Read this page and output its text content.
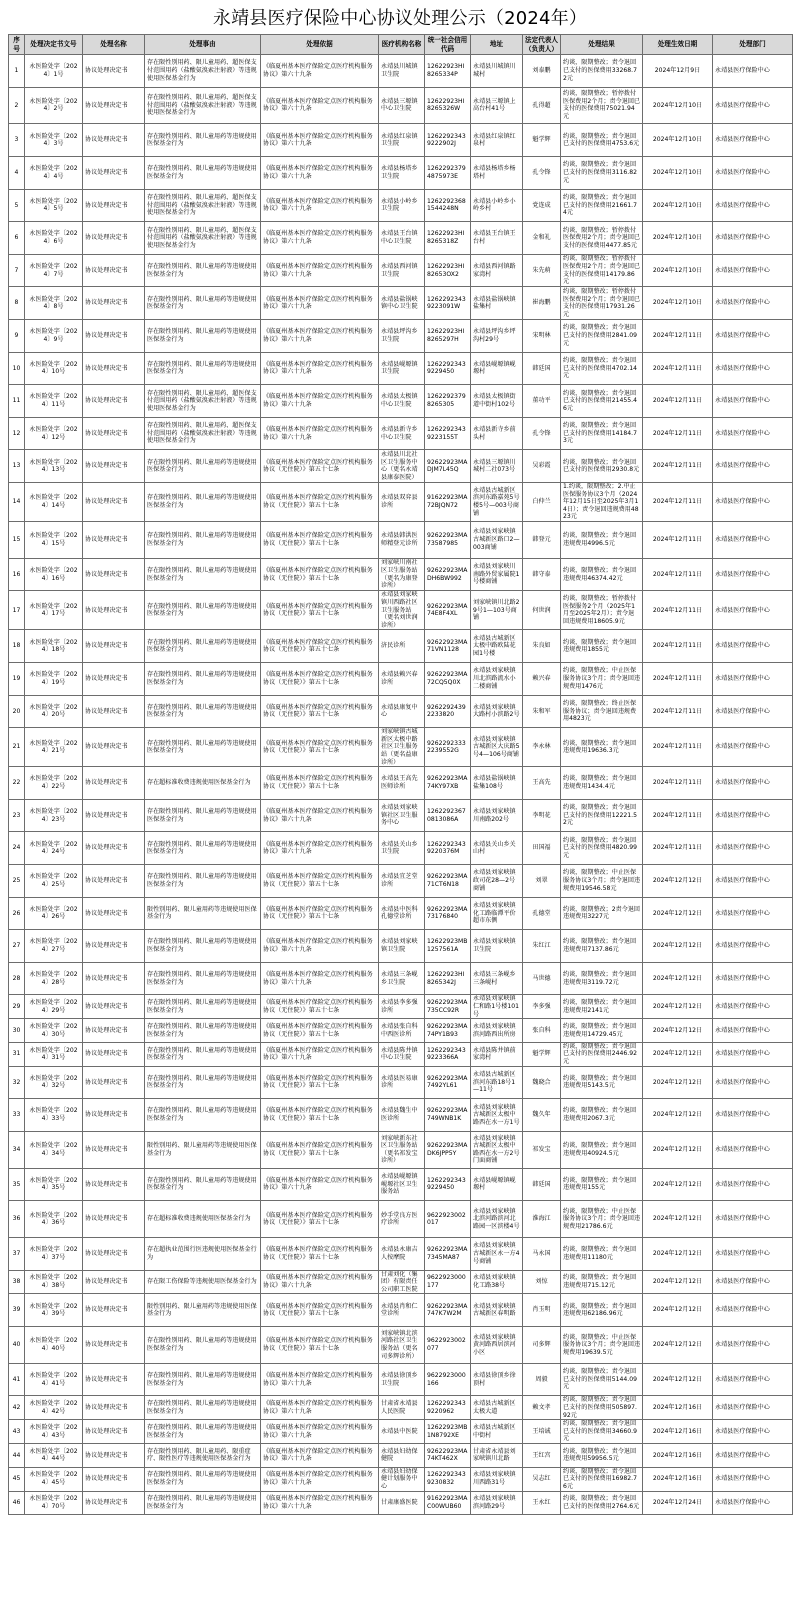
永靖县医疗保险中心协议处理公示（2024年）
序号	处理决定书文号	处理名称	处理事由	处理依据	医疗机构名称	统一社会信用代码	地址	法定代表人（负责人）	处理结果	处理生效日期	处理部门
1	永医险处字〔2024〕1号	协议处理决定书	存在限性别用药、限儿童用药、超医保支付范围用药（盐酸氨溴索注射液）等违规使用医保基金行为	《临夏州基本医疗保险定点医疗机构服务协议》第六十九条	永靖县川城镇卫生院	12622923HI8265334P	永靖县川城镇川城村	刘泰鹏	约谈，限期整改；责令退回已支付的医保费用33268.72元	2024年12月9日	永靖县医疗保险中心
2	永医险处字〔2024〕2号	协议处理决定书	存在限性别用药、限儿童用药、超医保支付范围用药（盐酸氨溴索注射液）等违规使用医保基金行为	《临夏州基本医疗保险定点医疗机构服务协议》第六十九条	永靖县三塬镇中心卫生院	12622923HI8265326W	永靖县三塬镇上高台村41号	孔得超	约谈，限期整改；暂停拨付医保费用2个月；责令退回已支付的医保费用75021.94元	2024年12月10日	永靖县医疗保险中心
3	永医险处字〔2024〕3号	协议处理决定书	存在限性别用药、限儿童用药等违规使用医保基金行为	《临夏州基本医疗保险定点医疗机构服务协议》第六十九条	永靖县红泉镇卫生院	12622923439222902J	永靖县红泉镇红泉村	魁学辉	约谈，限期整改；责令退回已支付的医保费用4753.6元	2024年12月10日	永靖县医疗保险中心
4	永医险处字〔2024〕4号	协议处理决定书	存在限性别用药、限儿童用药等违规使用医保基金行为	《临夏州基本医疗保险定点医疗机构服务协议》第六十九条	永靖县杨塔乡卫生院	12622923794875973E	永靖县杨塔乡杨塔村	孔令锋	约谈，限期整改；责令退回已支付的医保费用3116.82元	2024年12月10日	永靖县医疗保险中心
5	永医险处字〔2024〕5号	协议处理决定书	存在限性别用药、限儿童用药、超医保支付范围用药（盐酸氨溴索注射液）等违规使用医保基金行为	《临夏州基本医疗保险定点医疗机构服务协议》第六十九条	永靖县小岭乡卫生院	12622923681544248N	永靖县小岭乡小岭乡村	党连成	约谈，限期整改；责令退回已支付的医保费用21661.74元	2024年12月10日	永靖县医疗保险中心
6	永医险处字〔2024〕6号	协议处理决定书	存在限性别用药、限儿童用药、超医保支付范围用药（盐酸氨溴索注射液）等违规使用医保基金行为	《临夏州基本医疗保险定点医疗机构服务协议》第六十九条	永靖县王台镇中心卫生院	12622923HI8265318Z	永靖县王台镇王台村	金和礼	约谈，限期整改；暂停拨付医保费用2个月；责令退回已支付的医保费用4477.85元	2024年12月10日	永靖县医疗保险中心
7	永医险处字〔2024〕7号	协议处理决定书	存在限性别用药、限儿童用药等违规使用医保基金行为	《临夏州基本医疗保险定点医疗机构服务协议》第六十九条	永靖县西河镇卫生院	12622923HI82653OX2	永靖县西河镇路家湾村	朱先萌	约谈，限期整改；暂停拨付医保费用2个月；责令退回已支付的医保费用14179.86元	2024年12月10日	永靖县医疗保险中心
8	永医险处字〔2024〕8号	协议处理决定书	存在限性别用药、限儿童用药等违规使用医保基金行为	《临夏州基本医疗保险定点医疗机构服务协议》第六十九条	永靖县盐锅峡镇中心卫生院	12622923439223091W	永靖县盐锅峡镇盐集村	崔海鹏	约谈，限期整改；暂停拨付医保费用2个月；责令退回已支付的医保费用17931.26元	2024年12月10日	永靖县医疗保险中心
9	永医险处字〔2024〕9号	协议处理决定书	存在限性别用药、限儿童用药等违规使用医保基金行为	《临夏州基本医疗保险定点医疗机构服务协议》第六十九条	永靖县坪沟乡卫生院	12622923HI8265297H	永靖县坪沟乡坪沟村29号	宋明林	约谈，限期整改；责令退回已支付的医保费用2841.09元	2024年12月11日	永靖县医疗保险中心
10	永医险处字〔2024〕10号	协议处理决定书	存在限性别用药、限儿童用药等违规使用医保基金行为	《临夏州基本医疗保险定点医疗机构服务协议》第六十九条	永靖县岘塬镇卫生院	12622923439229450	永靖县岘塬镇岘塬村	韩廷国	约谈，限期整改；责令退回已支付的医保费用4702.14元	2024年12月11日	永靖县医疗保险中心
11	永医险处字〔2024〕11号	协议处理决定书	存在限性别用药、限儿童用药、超医保支付范围用药（盐酸氨溴索注射液）等违规使用医保基金行为	《临夏州基本医疗保险定点医疗机构服务协议》第六十九条	永靖县太极镇中心卫生院	12622923798265305	永靖县太极镇街道中街村102号	董功平	约谈，限期整改；责令退回已支付的医保费用21455.46元	2024年12月11日	永靖县医疗保险中心
12	永医险处字〔2024〕12号	协议处理决定书	存在限性别用药、限儿童用药、超医保支付范围用药（盐酸氨溴索注射液）等违规使用医保基金行为	《临夏州基本医疗保险定点医疗机构服务协议》第六十九条	永靖县新寺乡中心卫生院	12622923439223155T	永靖县新寺乡前头村	孔令锋	约谈，限期整改；责令退回已支付的医保费用14184.73元	2024年12月11日	永靖县医疗保险中心
13	永医险处字〔2024〕13号	协议处理决定书	存在限性别用药、限儿童用药等违规使用医保基金行为	《临夏州基本医疗保险定点医疗机构服务协议（无住院）》第五十七条	永靖县川北社区卫生服务中心（更名永靖县康泰医院）	92622923MADJM7L45Q	永靖县三塬镇川城村二社073号	吴彩霞	约谈，限期整改；责令退回已支付的医保费用2930.8元	2024年12月11日	永靖县医疗保险中心
14	永医险处字〔2024〕14号	协议处理决定书	存在限性别用药、限儿童用药等违规使用医保基金行为	《临夏州基本医疗保险定点医疗机构服务协议（无住院）》第五十七条	永靖县双弈县诊所	91622923MA72BJQN72	永靖县古城新区滨河东路嘉苑5号楼5号—003号商铺	白仲兰	1.约谈，限期整改；2.中止医保服务协议3个月（2024年12月15日至2025年3月14日）；责令退回违规费用4823元	2024年12月11日	永靖县医疗保险中心
15	永医险处字〔2024〕15号	协议处理决定书	存在限性别用药、限儿童用药等违规使用医保基金行为	《临夏州基本医疗保险定点医疗机构服务协议（无住院）》第五十七条	永靖县韩洪医师精登元诊所	92622923MA73587985	永靖县刘家峡镇古城新区路口2—003商铺	韩登元	约谈，限期整改；责令退回违规费用4996.5元	2024年12月11日	永靖县医疗保险中心
16	永医险处字〔2024〕16号	协议处理决定书	存在限性别用药、限儿童用药等违规使用医保基金行为	《临夏州基本医疗保险定点医疗机构服务协议（无住院）》第五十七条	刘家峡川南社区卫生服务站（更名为康登诊所）	92622923MADH6BW992	永靖县刘家峡川南路外贸家属院1号楼商铺	韩守泰	约谈，限期整改；责令退回违规费用46374.42元	2024年12月11日	永靖县医疗保险中心
17	永医险处字〔2024〕17号	协议处理决定书	存在限性别用药、限儿童用药等违规使用医保基金行为	《临夏州基本医疗保险定点医疗机构服务协议（无住院）》第五十七条	永靖县刘家峡镇川西路社区卫生服务站（更名刘世润诊所）	92622923MA74E8F4XL	刘家峡镇川北路29号1—103号商铺	何世润	约谈，限期整改；暂停拨付医保服务2个月（2025年1月至2025年2月）；责令退回违规费用18605.9元	2024年12月11日	永靖县医疗保险中心
18	永医险处字〔2024〕18号	协议处理决定书	存在限性别用药、限儿童用药等违规使用医保基金行为	《临夏州基本医疗保险定点医疗机构服务协议（无住院）》第五十七条	济民诊所	92622923MA71VN1128	永靖县古城新区太极中路欧陆花园1号楼	朱良如	约谈，限期整改；责令退回违规费用1855元	2024年12月11日	永靖县医疗保险中心
19	永医险处字〔2024〕19号	协议处理决定书	存在限性别用药、限儿童用药等违规使用医保基金行为	《临夏州基本医疗保险定点医疗机构服务协议（无住院）》第五十七条	永靖县赖兴春诊所	92622923MA72CQ5Q0X	永靖县刘家峡镇川北滨路流水小二楼商铺	赖兴春	约谈，限期整改；中止医保服务协议3个月；责令退回违规费用1476元	2024年12月11日	永靖县医疗保险中心
20	永医险处字〔2024〕20号	协议处理决定书	存在限性别用药、限儿童用药等违规使用医保基金行为	《临夏州基本医疗保险定点医疗机构服务协议（无住院）》第五十七条	永靖县康复中心	92622924392233820	永靖县刘家峡镇大路村小滨路2号	朱和军	约谈，限期整改；终止医保服务协议；责令退回违规费用4823元	2024年12月11日	永靖县医疗保险中心
21	永医险处字〔2024〕21号	协议处理决定书	存在限性别用药、限儿童用药等违规使用医保基金行为	《临夏州基本医疗保险定点医疗机构服务协议（无住院）》第五十七条	刘家峡镇古城新区太极中路社区卫生服务站（更名益康诊所）	92622923332239552G	永靖县刘家峡镇古城新区大庆路5号4—106号商铺	李永林	约谈，限期整改；责令退回违规费用19636.3元	2024年12月11日	永靖县医疗保险中心
22	永医险处字〔2024〕22号	协议处理决定书	存在超标准收费违规使用医保基金行为	《临夏州基本医疗保险定点医疗机构服务协议（无住院）》第五十七条	永靖县王高先医师诊所	92622923MA74KY97XB	永靖县盐锅峡镇盐集108号	王高先	约谈，限期整改；责令退回违规费用1434.4元	2024年12月11日	永靖县医疗保险中心
23	永医险处字〔2024〕23号	协议处理决定书	存在限性别用药、限儿童用药等违规使用医保基金行为	《临夏州基本医疗保险定点医疗机构服务协议》第六十九条	永靖县刘家峡镇社区卫生服务中心	12622923670813086A	永靖县刘家峡镇川南路202号	李明花	约谈，限期整改；责令退回已支付的医保费用12221.52元	2024年12月11日	永靖县医疗保险中心
24	永医险处字〔2024〕24号	协议处理决定书	存在限性别用药、限儿童用药等违规使用医保基金行为	《临夏州基本医疗保险定点医疗机构服务协议》第六十九条	永靖县关山乡卫生院	12622923439220376M	永靖县关山乡关山村	田国福	约谈，限期整改；责令退回已支付的医保费用4820.99元	2024年12月11日	永靖县医疗保险中心
25	永医险处字〔2024〕25号	协议处理决定书	存在限性别用药、限儿童用药等违规使用医保基金行为	《临夏州基本医疗保险定点医疗机构服务协议（无住院）》第五十七条	永靖县宜芝堂诊所	92622923MA71CT6N18	永靖县刘家峡镇政司花28—2号商铺	刘翠	约谈，限期整改；中止医保服务协议3个月；责令退回违规费用19546.58元	2024年12月12日	永靖县医疗保险中心
26	永医险处字〔2024〕26号	协议处理决定书	限性别用药、限儿童用药等违规使用医保基金行为	《临夏州基本医疗保险定点医疗机构服务协议（无住院）》第五十七条	永靖县中医科孔德堂诊所	92622923MA73176840	永靖县刘家峡镇化工路临潭平价超市东侧	孔德堂	约谈，限期整改；2责令退回违规费用3227元	2024年12月12日	永靖县医疗保险中心
27	永医险处字〔2024〕27号	协议处理决定书	存在限性别用药、限儿童用药等违规使用医保基金行为	《临夏州基本医疗保险定点医疗机构服务协议》第六十九条	永靖县刘家峡镇卫生院	12622923MB1257561A	永靖县刘家峡镇卫生院	朱红江	约谈，限期整改；责令退回违规费用7137.86元	2024年12月12日	永靖县医疗保险中心
28	永医险处字〔2024〕28号	协议处理决定书	存在限性别用药、限儿童用药等违规使用医保基金行为	《临夏州基本医疗保险定点医疗机构服务协议》第六十九条	永靖县三条岘乡卫生院	12622923HI8265342J	永靖县三条岘乡三条岘村	马世德	约谈，限期整改；责令退回违规费用3119.72元	2024年12月12日	永靖县医疗保险中心
29	永医险处字〔2024〕29号	协议处理决定书	存在限性别用药、限儿童用药等违规使用医保基金行为	《临夏州基本医疗保险定点医疗机构服务协议（无住院）》第五十七条	永靖县李多强诊所	92622923MA735CC92R	永靖县刘家峡镇仁和路1号楼101号	李多强	约谈，限期整改；责令退回违规费用2141元	2024年12月12日	永靖县医疗保险中心
30	永医险处字〔2024〕30号	协议处理决定书	存在限性别用药、限儿童用药等违规使用医保基金行为	《临夏州基本医疗保险定点医疗机构服务协议（无住院）》第五十七条	永靖县张自科中西医诊所	92622923MA74PY1B93	永靖县刘家峡镇滨河路西出所房	张自科	约谈，限期整改；责令退回违规费用14729.45元	2024年12月12日	永靖县医疗保险中心
31	永医险处字〔2024〕31号	协议处理决定书	存在限性别用药、限儿童用药等违规使用医保基金行为	《临夏州基本医疗保险定点医疗机构服务协议》第六十九条	永靖县陈井镇中心卫生院	12622923439223366A	永靖县陈井镇前家湾村	魁学辉	约谈，限期整改；责令退回已支付的医保费用2446.92元	2024年12月12日	永靖县医疗保险中心
32	永医险处字〔2024〕32号	协议处理决定书	存在限性别用药、限儿童用药等违规使用医保基金行为	《临夏州基本医疗保险定点医疗机构服务协议（无住院）》第五十七条	永靖县医易康诊所	92622923MA7492YL61	永靖县古城新区滨河东路18号1—11号	魏晓合	约谈，限期整改；责令退回违规费用5143.5元	2024年12月12日	永靖县医疗保险中心
33	永医险处字〔2024〕33号	协议处理决定书	存在限性别用药、限儿童用药等违规使用医保基金行为	《临夏州基本医疗保险定点医疗机构服务协议（无住院）》第五十七条	永靖县魏生中医诊所	92622923MA749WNB1K	永靖县刘家峡镇古城新区太极中路西在水一方1号	魏久年	约谈，限期整改；责令退回违规费用2067.3元	2024年12月12日	永靖县医疗保险中心
34	永医险处字〔2024〕34号	协议处理决定书	限性别用药、限儿童用药等违规使用医保基金行为	《临夏州基本医疗保险定点医疗机构服务协议（无住院）》第五十七条	刘家峡新东社区卫生服务站（更名祁发宝诊所）	92622923MADK6JPP5Y	永靖县刘家峡镇古城新区太极中路西在水一方2号门面商铺	祁发宝	约谈，限期整改；责令退回违规费用40924.5元	2024年12月12日	永靖县医疗保险中心
35	永医险处字〔2024〕35号	协议处理决定书	存在限性别用药、限儿童用药等违规使用医保基金行为	《临夏州基本医疗保险定点医疗机构服务协议》第六十九条	永靖县岘塬镇岘塬社区卫生服务站	12622923439229450	永靖县岘塬镇岘塬村	韩廷国	约谈，限期整改；责令退回违规费用155元	2024年12月12日	永靖县医疗保险中心
36	永医险处字〔2024〕36号	协议处理决定书	存在超标准收费违规使用医保基金行为	《临夏州基本医疗保险定点医疗机构服务协议（无住院）》第五十七条	妙手堂良方医疗诊所	9622923002017	永靖县刘家峡镇北滨河路滨河北路园一区滨楼4号	淮海江	约谈，限期整改；中止医保服务协议3个月；责令退回违规费用21786.6元	2024年12月12日	永靖县医疗保险中心
37	永医险处字〔2024〕37号	协议处理决定书	存在超执业范围行医违规使用医保基金行为	《临夏州基本医疗保险定点医疗机构服务协议（无住院）》第五十七条	永靖县永康吉人按摩院	92622923MA7345MA87	永靖县刘家峡镇古城新区永一方4号商铺	马永国	约谈，限期整改；责令退回违规费用11180元	2024年12月12日	永靖县医疗保险中心
38	永医险处字〔2024〕38号	协议处理决定书	存在限工伤保险等违规使用医保基金行为	《临夏州基本医疗保险定点医疗机构服务协议》第六十九条	甘肃刘化（集团）有限责任公司职工医院	9622923000177	永靖县刘家峡镇化工路38号	刘惊	约谈，限期整改；责令退回违规费用715.12元	2024年12月12日	永靖县医疗保险中心
39	永医险处字〔2024〕39号	协议处理决定书	限性别用药、限儿童用药等违规使用医保基金行为	《临夏州基本医疗保险定点医疗机构服务协议（无住院）》第五十七条	永靖县肖和仁堂诊所	92622923MA747K7W2M	永靖县刘家峡镇古城新区春明路	肖玉明	约谈，限期整改；责令退回违规费用62186.96元	2024年12月12日	永靖县医疗保险中心
40	永医险处字〔2024〕40号	协议处理决定书	存在限性别用药、限儿童用药等违规使用医保基金行为	《临夏州基本医疗保险定点医疗机构服务协议（无住院）》第五十七条	刘家峡镇北滨河路社区卫生服务站（更名司多辉诊所）	9622923002077	永靖县刘家峡镇黄河路西居滨河小区	司多辉	约谈，限期整改；中止医保服务协议3个月；责令退回违规费用19639.5元	2024年12月12日	永靖县医疗保险中心
41	永医险处字〔2024〕41号	协议处理决定书	存在限性别用药、限儿童用药等违规使用医保基金行为	《临夏州基本医疗保险定点医疗机构服务协议》第六十九条	永靖县徐顶乡卫生院	9622923000166	永靖县徐顶乡徐顶村	周毅	约谈，限期整改；责令退回已支付的医保费用5144.09元	2024年12月12日	永靖县医疗保险中心
42	永医险处字〔2024〕42号	协议处理决定书	存在限性别用药、限儿童用药等违规使用医保基金行为	《临夏州基本医疗保险定点医疗机构服务协议》第六十九条	甘肃省永靖县人民医院	12622923439220962	永靖县古城新区太极大道	赖文孝	约谈，限期整改；责令退回已支付的医保费用505897.92元	2024年12月16日	永靖县医疗保险中心
43	永医险处字〔2024〕43号	协议处理决定书	存在限性别用药、限儿童用药等违规使用医保基金行为	《临夏州基本医疗保险定点医疗机构服务协议》第六十九条	永靖县中医院	12622923MB1N8792XE	永靖县古城新区中街村	王培诚	约谈，限期整改；责令退回已支付的医保费用34660.9元	2024年12月16日	永靖县医疗保险中心
44	永医险处字〔2024〕44号	协议处理决定书	存在限性别用药、限儿童用药、限重症疗、限性医疗等违规使用医保基金行为	《临夏州基本医疗保险定点医疗机构服务协议》第六十九条	永靖县妇幼保健院	92622923MA74KT462X	甘肃省永靖县刘家峡镇川北路	王红宫	约谈，限期整改；责令退回违规费用59956.5元	2024年12月16日	永靖县医疗保险中心
45	永医险处字〔2024〕45号	协议处理决定书	存在限性别用药、限儿童用药等违规使用医保基金行为	《临夏州基本医疗保险定点医疗机构服务协议》第六十九条	永靖县妇幼保健计划服务中心	12622923439230832	永靖县刘家峡镇川西路31号	吴志红	约谈，限期整改；责令退回已支付的医保费用16982.76元	2024年12月16日	永靖县医疗保险中心
46	永医险处字〔2024〕70号	协议处理决定书	存在限性别用药、限儿童用药等违规使用医保基金行为	《临夏州基本医疗保险定点医疗机构服务协议》第六十九条	甘肃康盛医院	91622923MAC00WUB60	永靖县刘家峡镇滨河路29号	王永红	约谈，限期整改；责令退回已支付的医保费用2764.6元	2024年12月24日	永靖县医疗保险中心
